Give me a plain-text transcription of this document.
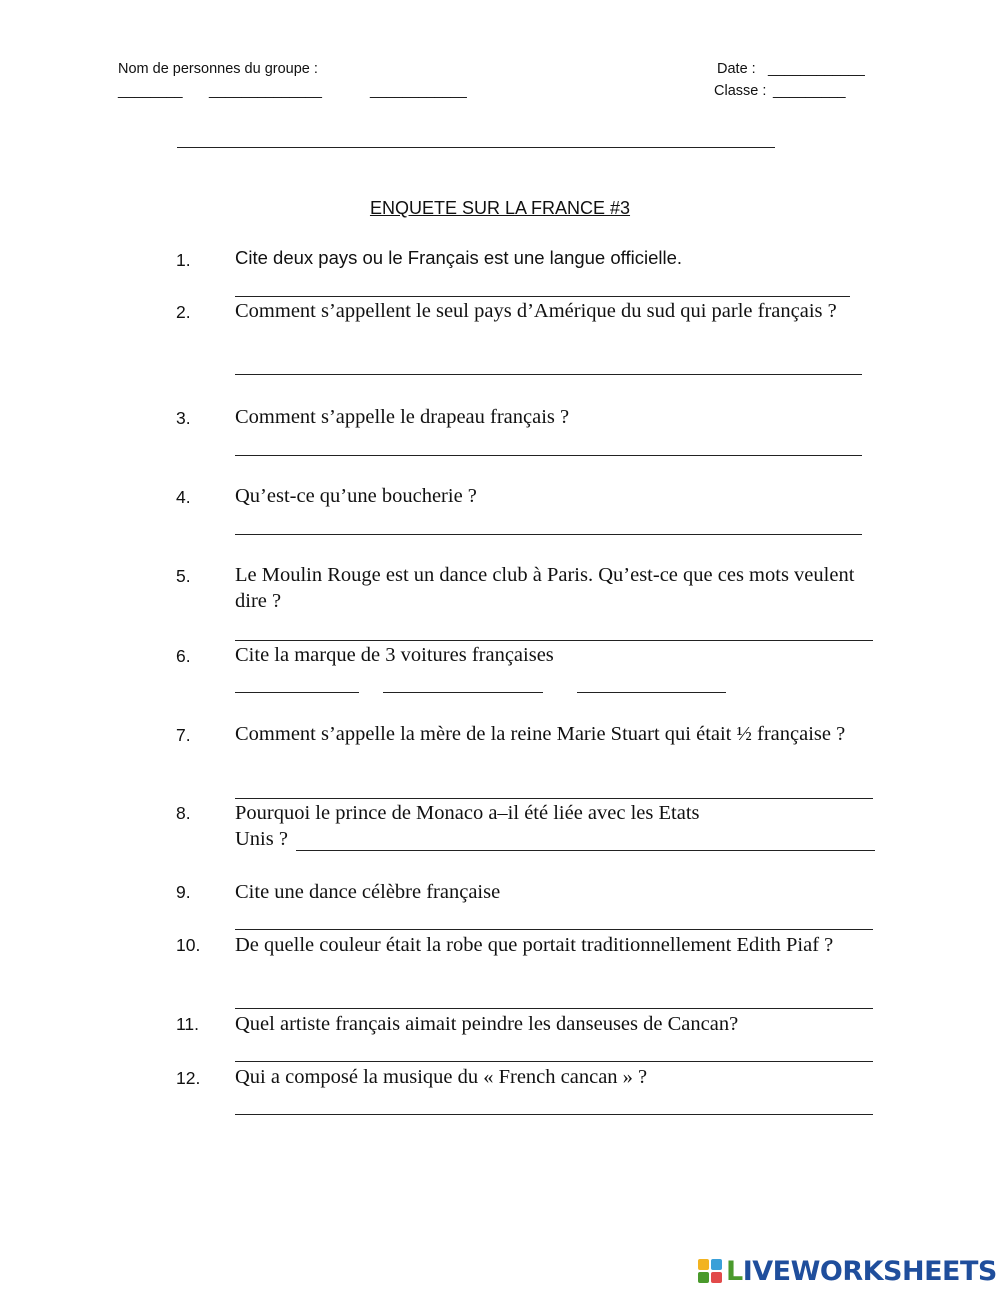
Nom de personnes du groupe :
________ ______________	____________
Date : ____________
Classe : _________
ENQUETE SUR LA FRANCE #3
1. Cite deux pays ou le Français est une langue officielle.
2. Comment s’appellent le seul pays d’Amérique du sud qui parle français ?
3. Comment s’appelle le drapeau français ?
4. Qu’est-ce qu’une boucherie ?
5. Le Moulin Rouge est un dance club à Paris. Qu’est-ce que ces mots veulent dire ?
6. Cite la marque de 3 voitures françaises
7. Comment s’appelle la mère de la reine Marie Stuart qui était ½ française ?
8. Pourquoi le prince de Monaco a–il été liée avec les Etats
Unis ?
9. Cite une dance célèbre française
10. De quelle couleur était la robe que portait traditionnellement Edith Piaf ?
11. Quel artiste français aimait peindre les danseuses de Cancan?
12. Qui a composé la musique du « French cancan » ?
L IVEWORKSHEETS
